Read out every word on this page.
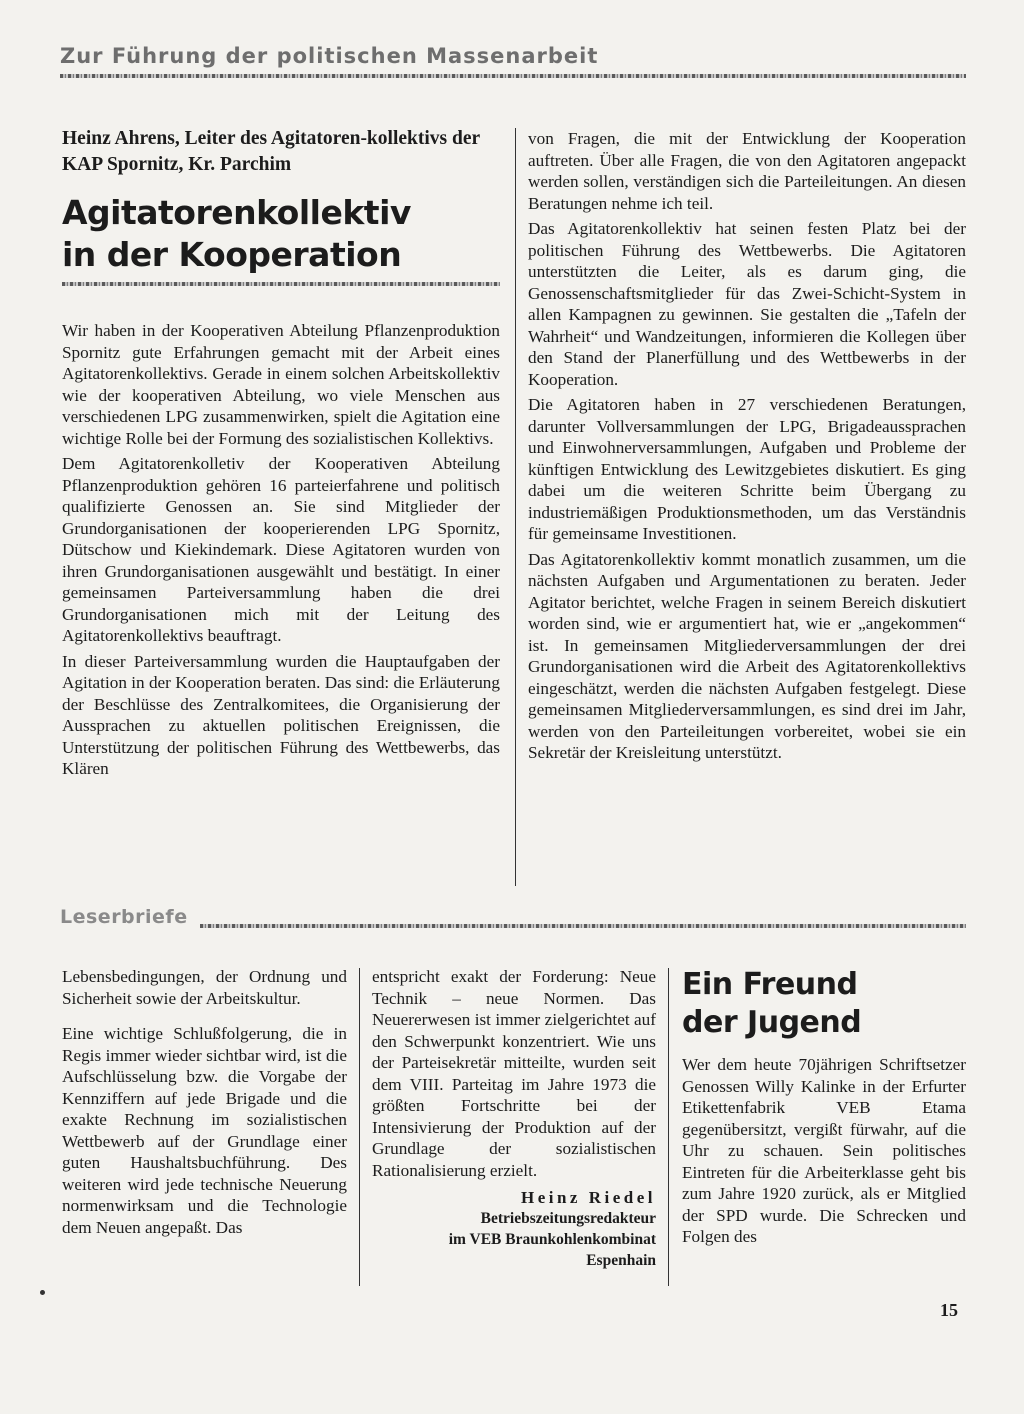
Zur Führung der politischen Massenarbeit

Heinz Ahrens, Leiter des Agitatoren-kollektivs der KAP Spornitz, Kr. Parchim

Agitatorenkollektiv
in der Kooperation

Wir haben in der Kooperativen Abteilung Pflanzenproduktion Spornitz gute Erfahrungen gemacht mit der Arbeit eines Agitatorenkollektivs. Gerade in einem solchen Arbeitskollektiv wie der kooperativen Abteilung, wo viele Menschen aus verschiedenen LPG zusammenwirken, spielt die Agitation eine wichtige Rolle bei der Formung des sozialistischen Kollektivs.

Dem Agitatorenkolletiv der Kooperativen Abteilung Pflanzenproduktion gehören 16 parteierfahrene und politisch qualifizierte Genossen an. Sie sind Mitglieder der Grundorganisationen der kooperierenden LPG Spornitz, Dütschow und Kiekindemark. Diese Agitatoren wurden von ihren Grundorganisationen ausgewählt und bestätigt. In einer gemeinsamen Parteiversammlung haben die drei Grundorganisationen mich mit der Leitung des Agitatorenkollektivs beauftragt.

In dieser Parteiversammlung wurden die Hauptaufgaben der Agitation in der Kooperation beraten. Das sind: die Erläuterung der Beschlüsse des Zentralkomitees, die Organisierung der Aussprachen zu aktuellen politischen Ereignissen, die Unterstützung der politischen Führung des Wettbewerbs, das Klären

von Fragen, die mit der Entwicklung der Kooperation auftreten. Über alle Fragen, die von den Agitatoren angepackt werden sollen, verständigen sich die Parteileitungen. An diesen Beratungen nehme ich teil.

Das Agitatorenkollektiv hat seinen festen Platz bei der politischen Führung des Wettbewerbs. Die Agitatoren unterstützten die Leiter, als es darum ging, die Genossenschaftsmitglieder für das Zwei-Schicht-System in allen Kampagnen zu gewinnen. Sie gestalten die „Tafeln der Wahrheit“ und Wandzeitungen, informieren die Kollegen über den Stand der Planerfüllung und des Wettbewerbs in der Kooperation.

Die Agitatoren haben in 27 verschiedenen Beratungen, darunter Vollversammlungen der LPG, Brigadeaussprachen und Einwohnerversammlungen, Aufgaben und Probleme der künftigen Entwicklung des Lewitzgebietes diskutiert. Es ging dabei um die weiteren Schritte beim Übergang zu industriemäßigen Produktionsmethoden, um das Verständnis für gemeinsame Investitionen.

Das Agitatorenkollektiv kommt monatlich zusammen, um die nächsten Aufgaben und Argumentationen zu beraten. Jeder Agitator berichtet, welche Fragen in seinem Bereich diskutiert worden sind, wie er argumentiert hat, wie er „angekommen“ ist. In gemeinsamen Mitgliederversammlungen der drei Grundorganisationen wird die Arbeit des Agitatorenkollektivs eingeschätzt, werden die nächsten Aufgaben festgelegt. Diese gemeinsamen Mitgliederversammlungen, es sind drei im Jahr, werden von den Parteileitungen vorbereitet, wobei sie ein Sekretär der Kreisleitung unterstützt.

Leserbriefe

Lebensbedingungen, der Ordnung und Sicherheit sowie der Arbeitskultur.

Eine wichtige Schlußfolgerung, die in Regis immer wieder sichtbar wird, ist die Aufschlüsselung bzw. die Vorgabe der Kennziffern auf jede Brigade und die exakte Rechnung im sozialistischen Wettbewerb auf der Grundlage einer guten Haushaltsbuchführung. Des weiteren wird jede technische Neuerung normenwirksam und die Technologie dem Neuen angepaßt. Das

entspricht exakt der Forderung: Neue Technik – neue Normen. Das Neuererwesen ist immer zielgerichtet auf den Schwerpunkt konzentriert. Wie uns der Parteisekretär mitteilte, wurden seit dem VIII. Parteitag im Jahre 1973 die größten Fortschritte bei der Intensivierung der Produktion auf der Grundlage der sozialistischen Rationalisierung erzielt.

Heinz Riedel
Betriebszeitungsredakteur
im VEB Braunkohlenkombinat
Espenhain
Ein Freund
der Jugend

Wer dem heute 70jährigen Schriftsetzer Genossen Willy Kalinke in der Erfurter Etikettenfabrik VEB Etama gegenübersitzt, vergißt fürwahr, auf die Uhr zu schauen. Sein politisches Eintreten für die Arbeiterklasse geht bis zum Jahre 1920 zurück, als er Mitglied der SPD wurde. Die Schrecken und Folgen des

15
